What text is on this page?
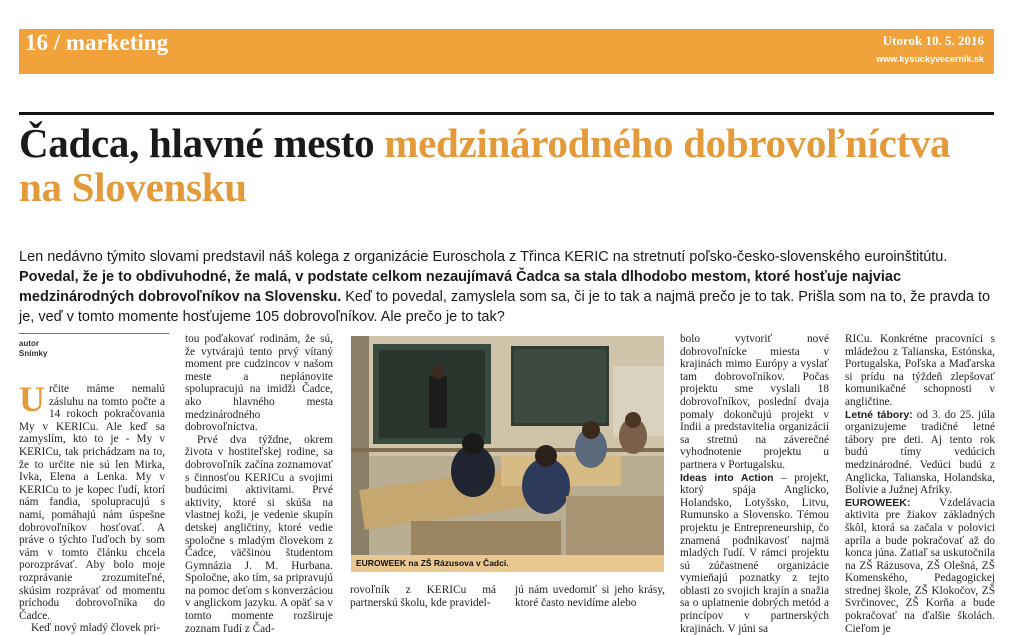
16 / marketing	Utorok 10. 5. 2016
www.kysuckyvecernik.sk
Čadca, hlavné mesto medzinárodného dobrovoľníctva na Slovensku

Len nedávno týmito slovami predstavil náš kolega z organizácie Euroschola z Třinca KERIC na stretnutí poľsko-česko-slovenského euroinštitútu. Povedal, že je to obdivuhodné, že malá, v podstate celkom nezaujímavá Čadca sa stala dlhodobo mestom, ktoré hosťuje najviac medzinárodných dobrovoľníkov na Slovensku. Keď to povedal, zamyslela som sa, či je to tak a najmä prečo je to tak. Prišla som na to, že pravda to je, veď v tomto momente hosťujeme 105 dobrovoľníkov. Ale prečo je to tak?

autor
Snímky

Určite máme nemalú zásluhu na tomto počte a 14 rokoch pokračovania My v KERICu. Ale keď sa zamyslím, kto to je - My v KERICu, tak prichádzam na to, že to určite nie sú len Mirka, Ivka, Elena a Lenka. My v KERICu to je kopec ľudí, ktorí nám fandia, spolupracujú s nami, pomáhajú nám úspešne dobrovoľníkov hosťovať. A práve o týchto ľuďoch by som vám v tomto článku chcela porozprávať. Aby bolo moje rozprávanie zrozumiteľné, skúsim rozprávať od momentu príchodu dobrovoľníka do Čadce.

Keď nový mladý človek pri-

tou poďakovať rodinám, že sú, že vytvárajú tento prvý vítaný moment pre cudzincov v našom meste a neplánovite spolupracujú na imidži Čadce, ako hlavného mesta medzinárodného dobrovoľníctva.

Prvé dva týždne, okrem života v hostiteľskej rodine, sa dobrovoľník začína zoznamovať s činnosťou KERICu a svojimi budúcimi aktivitami. Prvé aktivity, ktoré si skúša na vlastnej koži, je vedenie skupín detskej angličtiny, ktoré vedie spoločne s mladým človekom z Čadce, väčšinou študentom Gymnázia J. M. Hurbana. Spoločne, ako tím, sa pripravujú na pomoc deťom s konverzáciou v anglickom jazyku. A opäť sa v tomto momente rozširuje zoznam ľudí z Čad-

EUROWEEK na ZŠ Rázusova v Čadci.

rovoľník z KERICu má partnerskú školu, kde pravidel-

jú nám uvedomiť si jeho krásy, ktoré často nevidíme alebo

bolo vytvoriť nové dobrovoľnícke miesta v krajinách mimo Európy a vyslať tam dobrovoľníkov. Počas projektu sme vyslali 18 dobrovoľníkov, poslední dvaja pomaly dokončujú projekt v Indii a predstavitelia organizácií sa stretnú na záverečné vyhodnotenie projektu u partnera v Portugalsku.

Ideas into Action – projekt, ktorý spája Anglicko, Holandsko, Lotyšsko, Litvu, Rumunsko a Slovensko. Témou projektu je Entrepreneurship, čo znamená podnikavosť najmä mladých ľudí. V rámci projektu sú zúčastnené organizácie vymieňajú poznatky z tejto oblasti zo svojich krajín a snažia sa o uplatnenie dobrých metód a princípov v partnerských krajinách. V júni sa

RICu. Konkrétne pracovníci s mládežou z Talianska, Estónska, Portugalska, Poľska a Maďarska si prídu na týždeň zlepšovať komunikačné schopnosti v angličtine.

Letné tábory: od 3. do 25. júla organizujeme tradičné letné tábory pre deti. Aj tento rok budú tímy vedúcich medzinárodné. Vedúci budú z Anglicka, Talianska, Holandska, Bolívie a Južnej Afriky.

EUROWEEK: Vzdelávacia aktivita pre žiakov základných škôl, ktorá sa začala v polovici apríla a bude pokračovať až do konca júna. Zatiaľ sa uskutočnila na ZŠ Rázusova, ZŠ Olešná, ZŠ Komenského, Pedagogickej strednej škole, ZŠ Klokočov, ZŠ Svrčinovec, ZŠ Korňa a bude pokračovať na ďalšie školách. Cieľom je
